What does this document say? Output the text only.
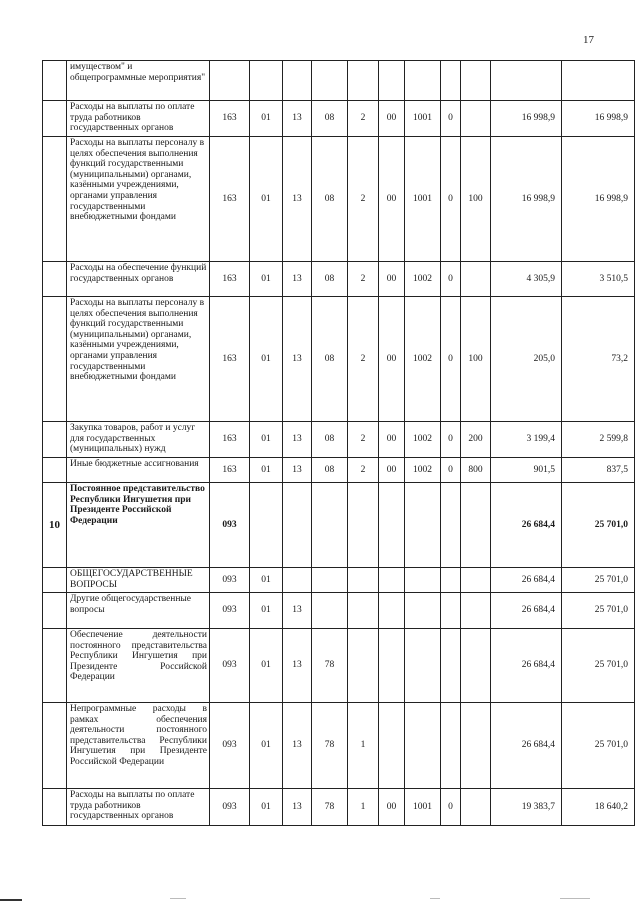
17
	имуществом" и общепрограммные мероприятия"											
	Расходы на выплаты по оплате труда работников государственных органов	163	01	13	08	2	00	1001	0		16 998,9	16 998,9
	Расходы на выплаты персоналу в целях обеспечения выполнения функций государственными (муниципальными) органами, казёнными учреждениями, органами управления государственными внебюджетными фондами	163	01	13	08	2	00	1001	0	100	16 998,9	16 998,9
	Расходы на обеспечение функций государственных органов	163	01	13	08	2	00	1002	0		4 305,9	3 510,5
	Расходы на выплаты персоналу в целях обеспечения выполнения функций государственными (муниципальными) органами, казёнными учреждениями, органами управления государственными внебюджетными фондами	163	01	13	08	2	00	1002	0	100	205,0	73,2
	Закупка товаров, работ и услуг для государственных (муниципальных) нужд	163	01	13	08	2	00	1002	0	200	3 199,4	2 599,8
	Иные бюджетные ассигнования	163	01	13	08	2	00	1002	0	800	901,5	837,5
10	Постоянное представительство Республики Ингушетия при Президенте Российской Федерации	093									26 684,4	25 701,0
	ОБЩЕГОСУДАРСТВЕННЫЕ ВОПРОСЫ	093	01								26 684,4	25 701,0
	Другие общегосударственные вопросы	093	01	13							26 684,4	25 701,0
	Обеспечение деятельности постоянного представительства Республики Ингушетия при Президенте Российской Федерации	093	01	13	78						26 684,4	25 701,0
	Непрограммные расходы в рамках обеспечения деятельности постоянного представительства Республики Ингушетия при Президенте Российской Федерации	093	01	13	78	1					26 684,4	25 701,0
	Расходы на выплаты по оплате труда работников государственных органов	093	01	13	78	1	00	1001	0		19 383,7	18 640,2
